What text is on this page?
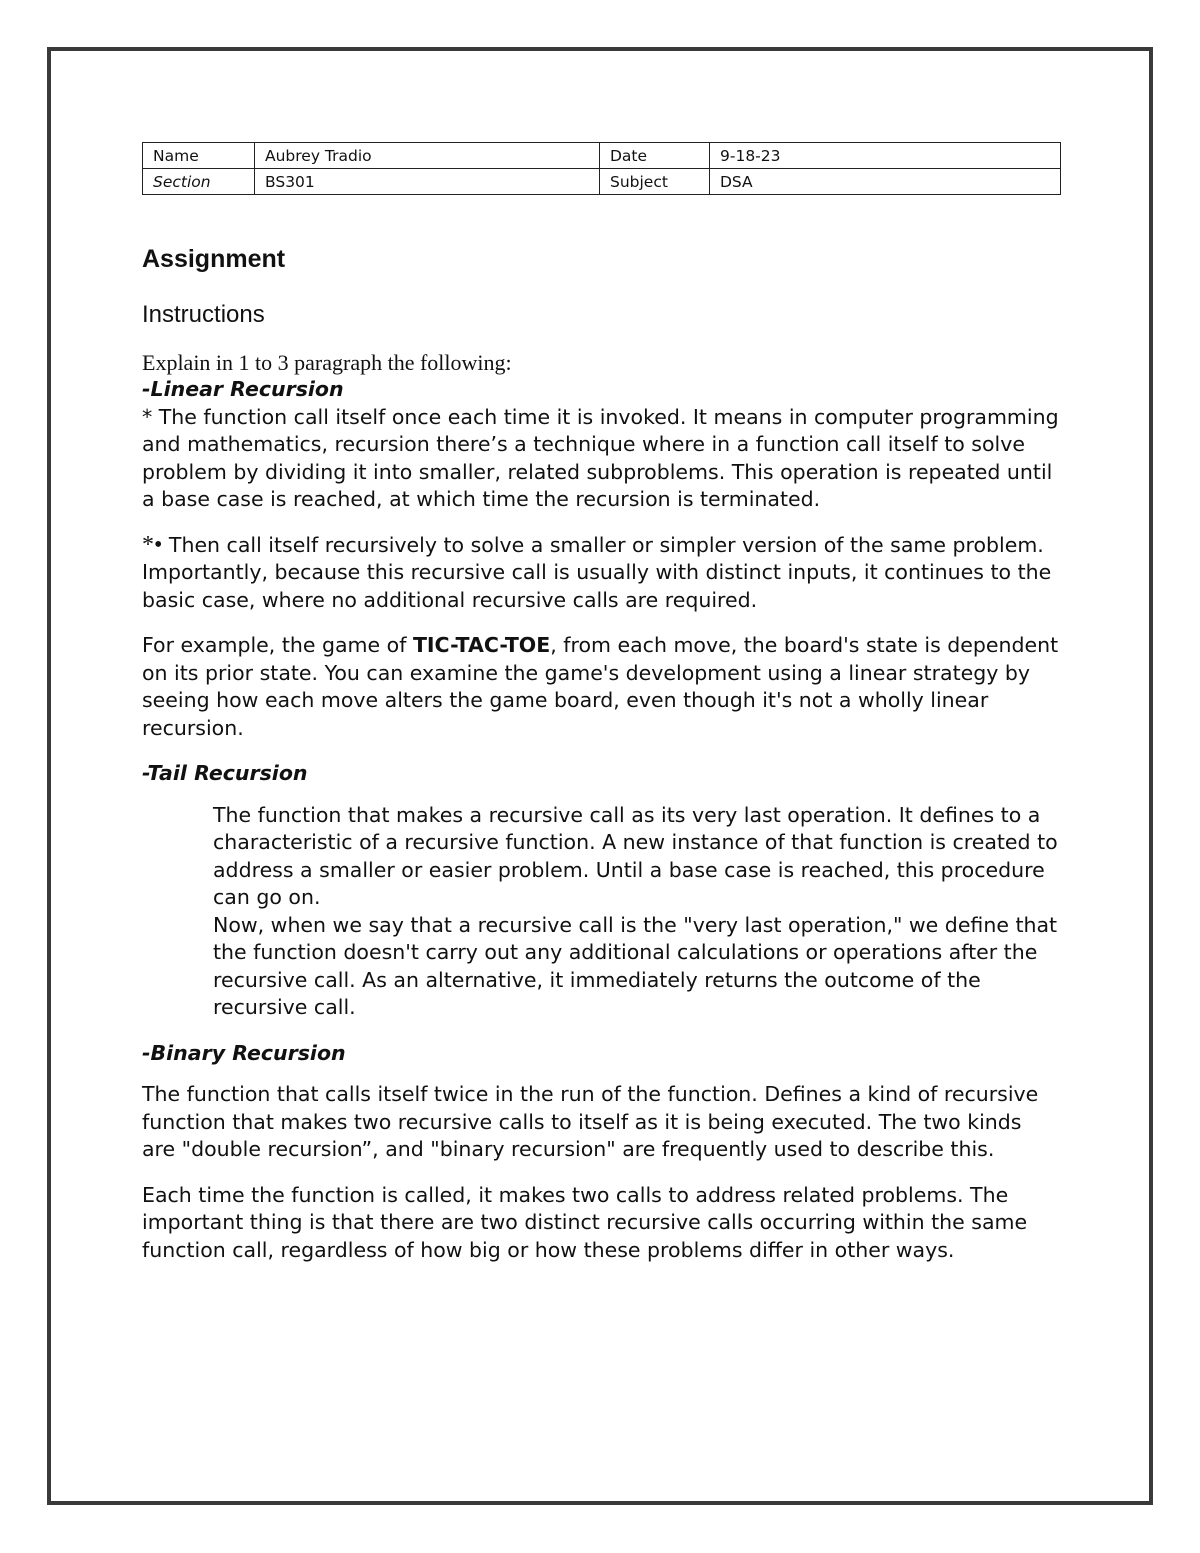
Name	Aubrey Tradio	Date	9-18-23
Section	BS301	Subject	DSA
Assignment
Instructions

Explain in 1 to 3 paragraph the following:

-Linear Recursion

* The function call itself once each time it is invoked. It means in computer programming and mathematics, recursion there’s a technique where in a function call itself to solve problem by dividing it into smaller, related subproblems. This operation is repeated until a base case is reached, at which time the recursion is terminated.

*• Then call itself recursively to solve a smaller or simpler version of the same problem. Importantly, because this recursive call is usually with distinct inputs, it continues to the basic case, where no additional recursive calls are required.

For example, the game of TIC-TAC-TOE, from each move, the board's state is dependent on its prior state. You can examine the game's development using a linear strategy by seeing how each move alters the game board, even though it's not a wholly linear recursion.

-Tail Recursion

The function that makes a recursive call as its very last operation. It defines to a characteristic of a recursive function. A new instance of that function is created to address a smaller or easier problem. Until a base case is reached, this procedure can go on.

Now, when we say that a recursive call is the "very last operation," we define that the function doesn't carry out any additional calculations or operations after the recursive call. As an alternative, it immediately returns the outcome of the recursive call.

-Binary Recursion

The function that calls itself twice in the run of the function. Defines a kind of recursive function that makes two recursive calls to itself as it is being executed. The two kinds are "double recursion”, and "binary recursion" are frequently used to describe this.

Each time the function is called, it makes two calls to address related problems. The important thing is that there are two distinct recursive calls occurring within the same function call, regardless of how big or how these problems differ in other ways.
